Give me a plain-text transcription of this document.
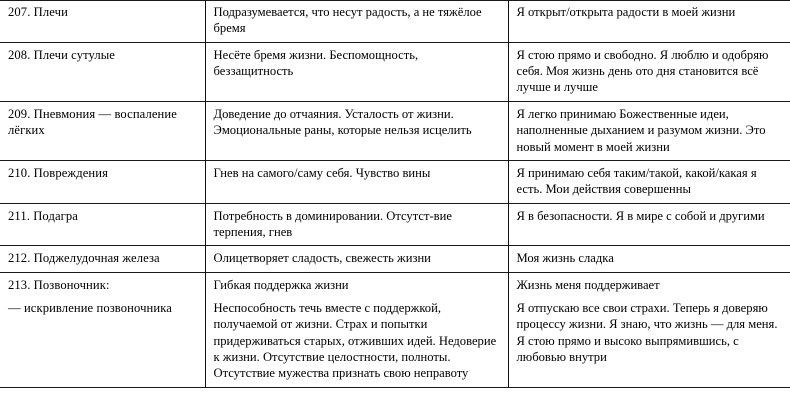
207. Плечи	Подразумевается, что несут радость, а не тяжёлое бремя	Я открыт/открыта радости в моей жизни

208. Плечи сутулые	Несёте бремя жизни. Беспомощность, беззащитность	Я стою прямо и свободно. Я люблю и одобряю себя. Моя жизнь день ото дня становится всё лучше и лучше

209. Пневмония — воспаление лёгких	Доведение до отчаяния. Усталость от жизни. Эмоциональные раны, которые нельзя исцелить	Я легко принимаю Божественные идеи, наполненные дыханием и разумом жизни. Это новый момент в моей жизни

210. Повреждения	Гнев на самого/саму себя. Чувство вины	Я принимаю себя таким/такой, какой/какая я есть. Мои действия совершенны

211. Подагра	Потребность в доминировании. Отсутст-вие терпения, гнев	Я в безопасности. Я в мире с собой и другими

212. Поджелудочная железа	Олицетворяет сладость, свежесть жизни	Моя жизнь сладка

213. Позвоночник:	Гибкая поддержка жизни	Жизнь меня поддерживает

— искривление позвоночника	Неспособность течь вместе с поддержкой, получаемой от жизни. Страх и попытки придерживаться старых, отживших идей. Недоверие к жизни. Отсутствие целостности, полноты. Отсутствие мужества признать свою неправоту	Я отпускаю все свои страхи. Теперь я доверяю процессу жизни. Я знаю, что жизнь — для меня. Я стою прямо и высоко выпрямившись, с любовью внутри
